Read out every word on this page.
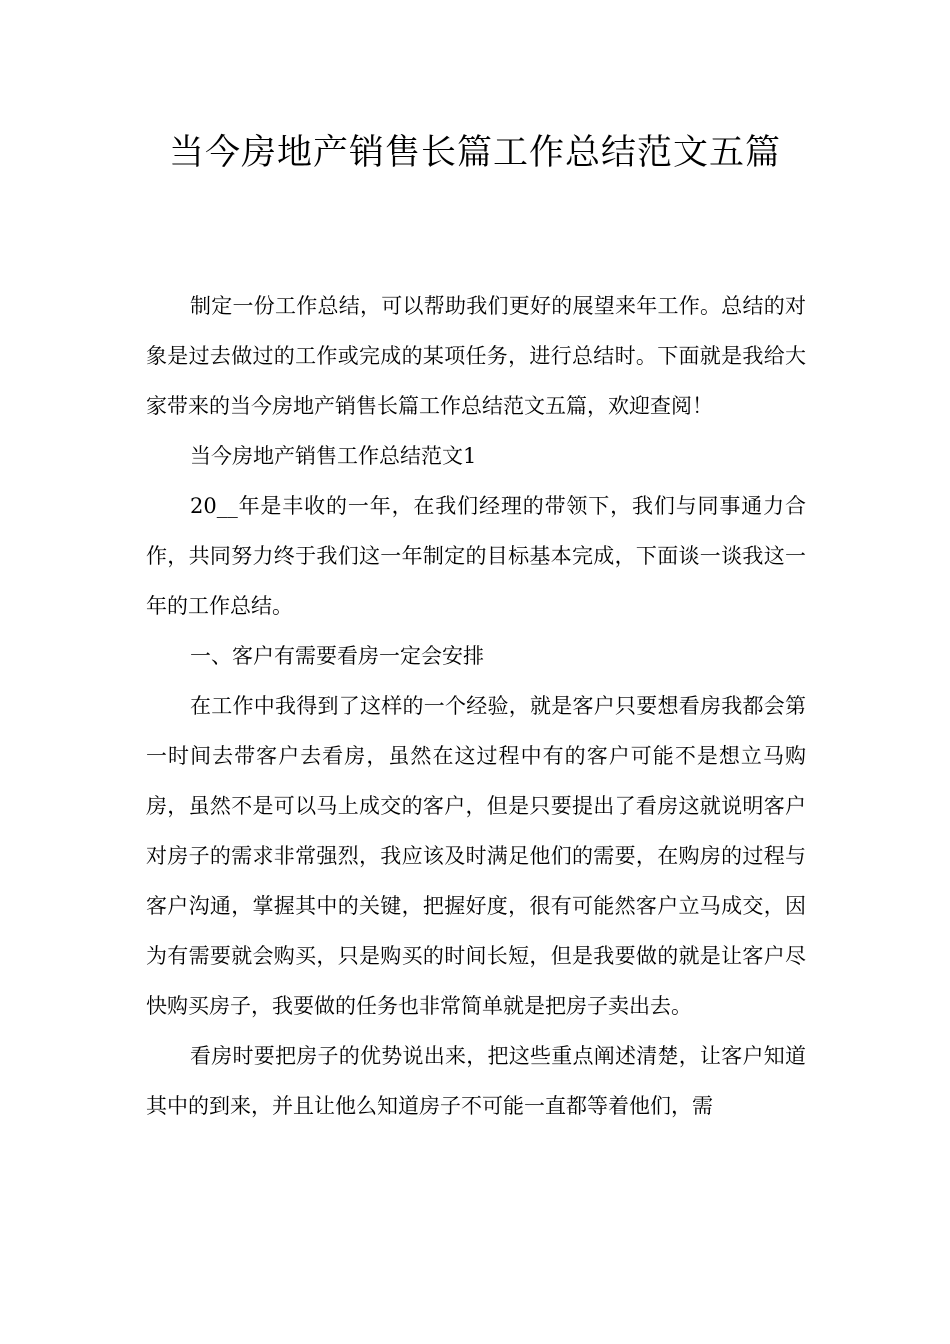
当今房地产销售长篇工作总结范文五篇

制定一份工作总结，可以帮助我们更好的展望来年工作。总结的对象是过去做过的工作或完成的某项任务，进行总结时。下面就是我给大家带来的当今房地产销售长篇工作总结范文五篇，欢迎查阅！

当今房地产销售工作总结范文1

20__年是丰收的一年，在我们经理的带领下，我们与同事通力合作，共同努力终于我们这一年制定的目标基本完成，下面谈一谈我这一年的工作总结。

一、客户有需要看房一定会安排

在工作中我得到了这样的一个经验，就是客户只要想看房我都会第一时间去带客户去看房，虽然在这过程中有的客户可能不是想立马购房，虽然不是可以马上成交的客户，但是只要提出了看房这就说明客户对房子的需求非常强烈，我应该及时满足他们的需要，在购房的过程与客户沟通，掌握其中的关键，把握好度，很有可能然客户立马成交，因为有需要就会购买，只是购买的时间长短，但是我要做的就是让客户尽快购买房子，我要做的任务也非常简单就是把房子卖出去。

看房时要把房子的优势说出来，把这些重点阐述清楚，让客户知道其中的到来，并且让他么知道房子不可能一直都等着他们，需
